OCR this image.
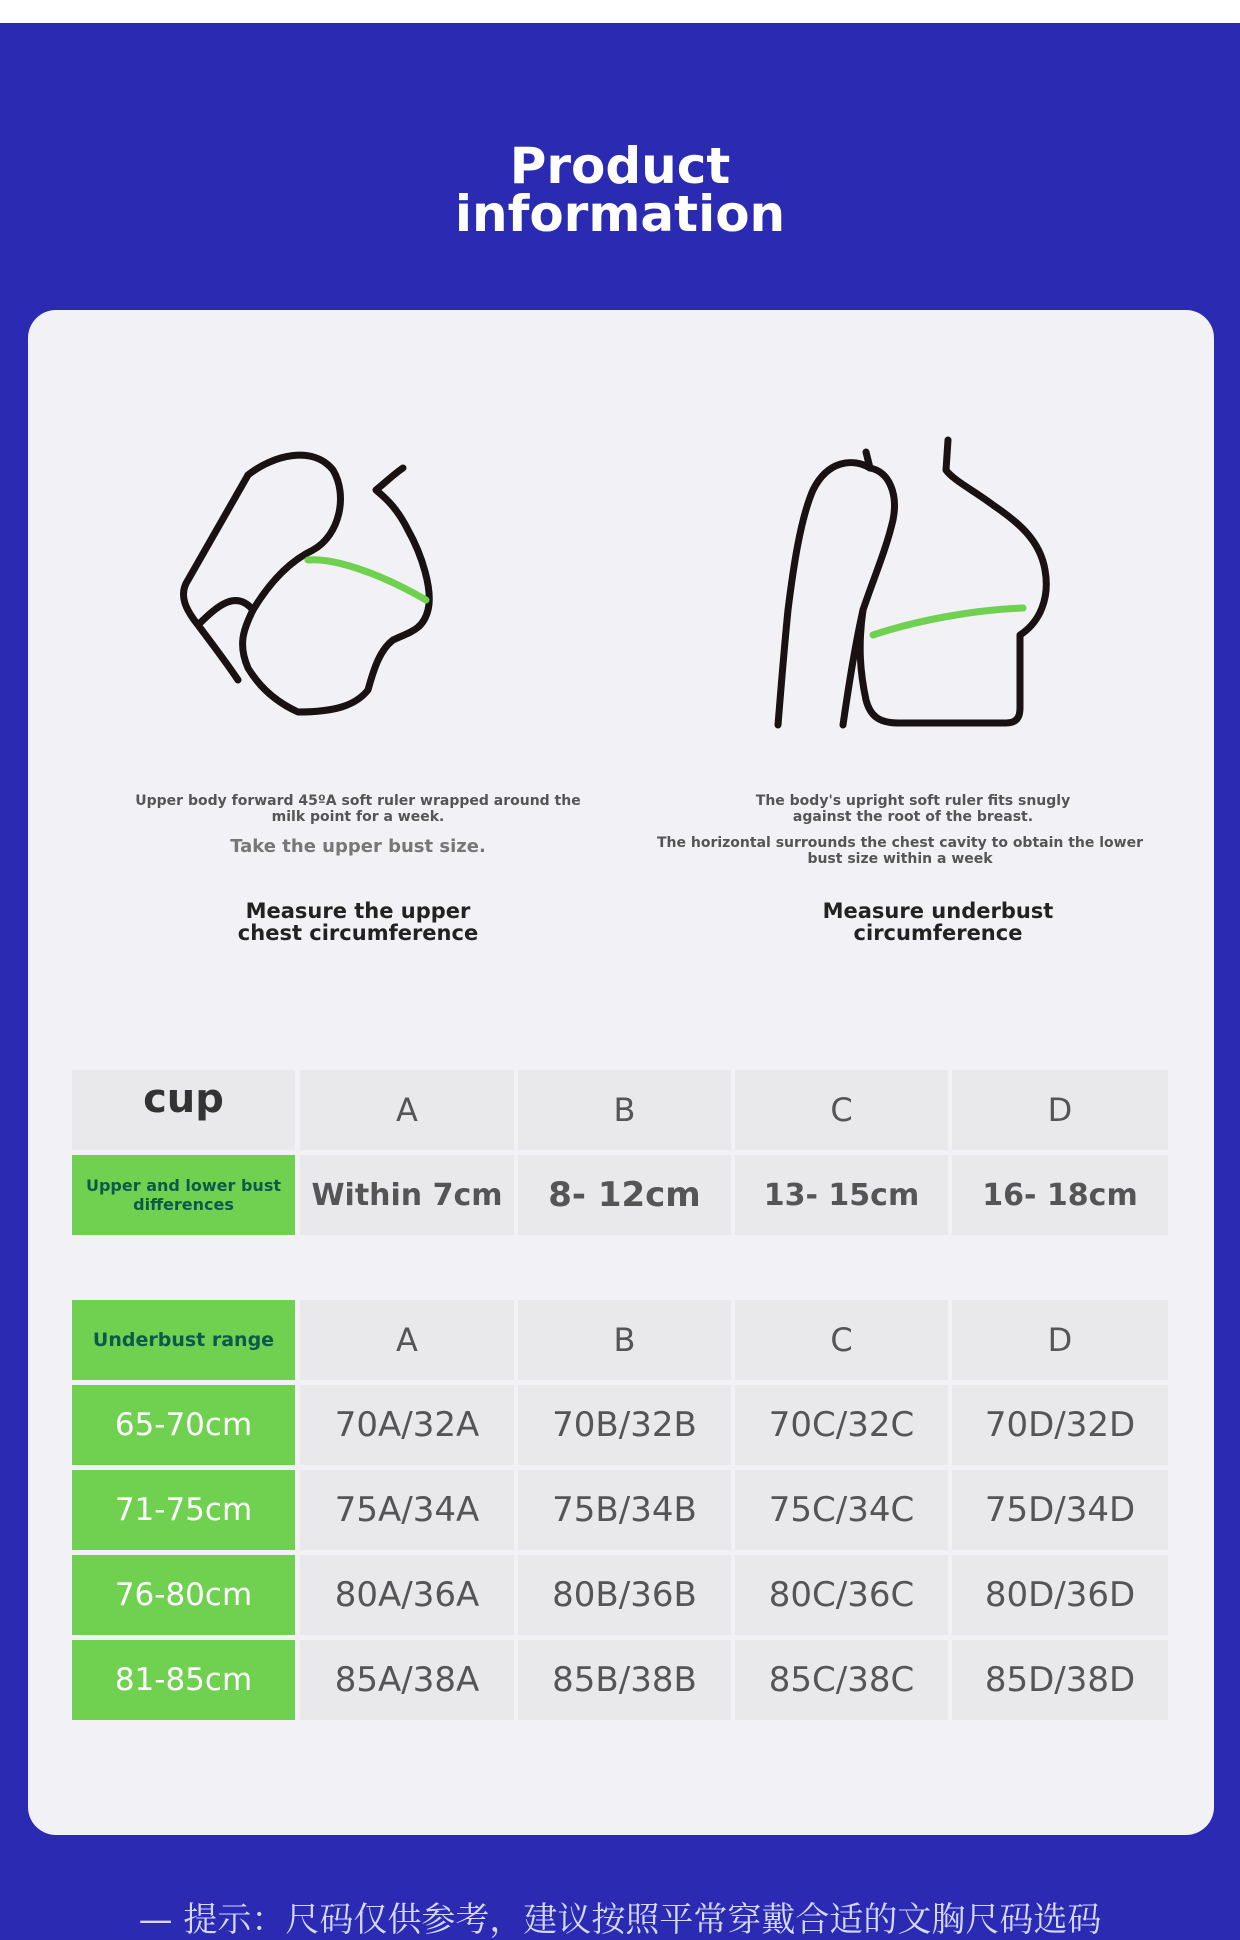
Product
information
Upper body forward 45ºA soft ruler wrapped around the milk point for a week.
Take the upper bust size.
Measure the upper chest circumference
The body's upright soft ruler fits snugly against the root of the breast.
The horizontal surrounds the chest cavity to obtain the lower bust size within a week
Measure underbust circumference
cup	A	B	C	D
Upper and lower bust differences	Within 7cm	8- 12cm	13- 15cm	16- 18cm
Underbust range	A	B	C	D
65-70cm	70A/32A	70B/32B	70C/32C	70D/32D
71-75cm	75A/34A	75B/34B	75C/34C	75D/34D
76-80cm	80A/36A	80B/36B	80C/36C	80D/36D
81-85cm	85A/38A	85B/38B	85C/38C	85D/38D
— 提示：尺码仅供参考，建议按照平常穿戴合适的文胸尺码选码
